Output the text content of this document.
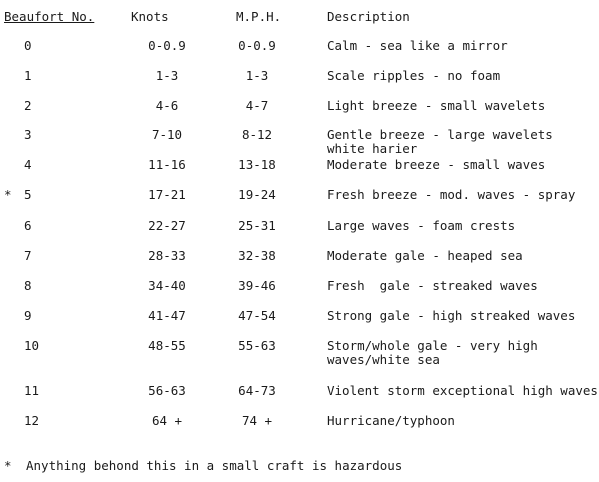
Beaufort No.	Knots	M.P.H.	Description
0	0-0.9	0-0.9	Calm - sea like a mirror
1	1-3	1-3	Scale ripples - no foam
2	4-6	4-7	Light breeze - small wavelets
3	7-10	8-12	Gentle breeze - large wavelets
white harier
4	11-16	13-18	Moderate breeze - small waves
* 5	17-21	19-24	Fresh breeze - mod. waves - spray
6	22-27	25-31	Large waves - foam crests
7	28-33	32-38	Moderate gale - heaped sea
8	34-40	39-46	Fresh  gale - streaked waves
9	41-47	47-54	Strong gale - high streaked waves
10	48-55	55-63	Storm/whole gale - very high
waves/white sea
11	56-63	64-73	Violent storm exceptional high waves
12	64 +	74 +	Hurricane/typhoon
* Anything behond this in a small craft is hazardous
